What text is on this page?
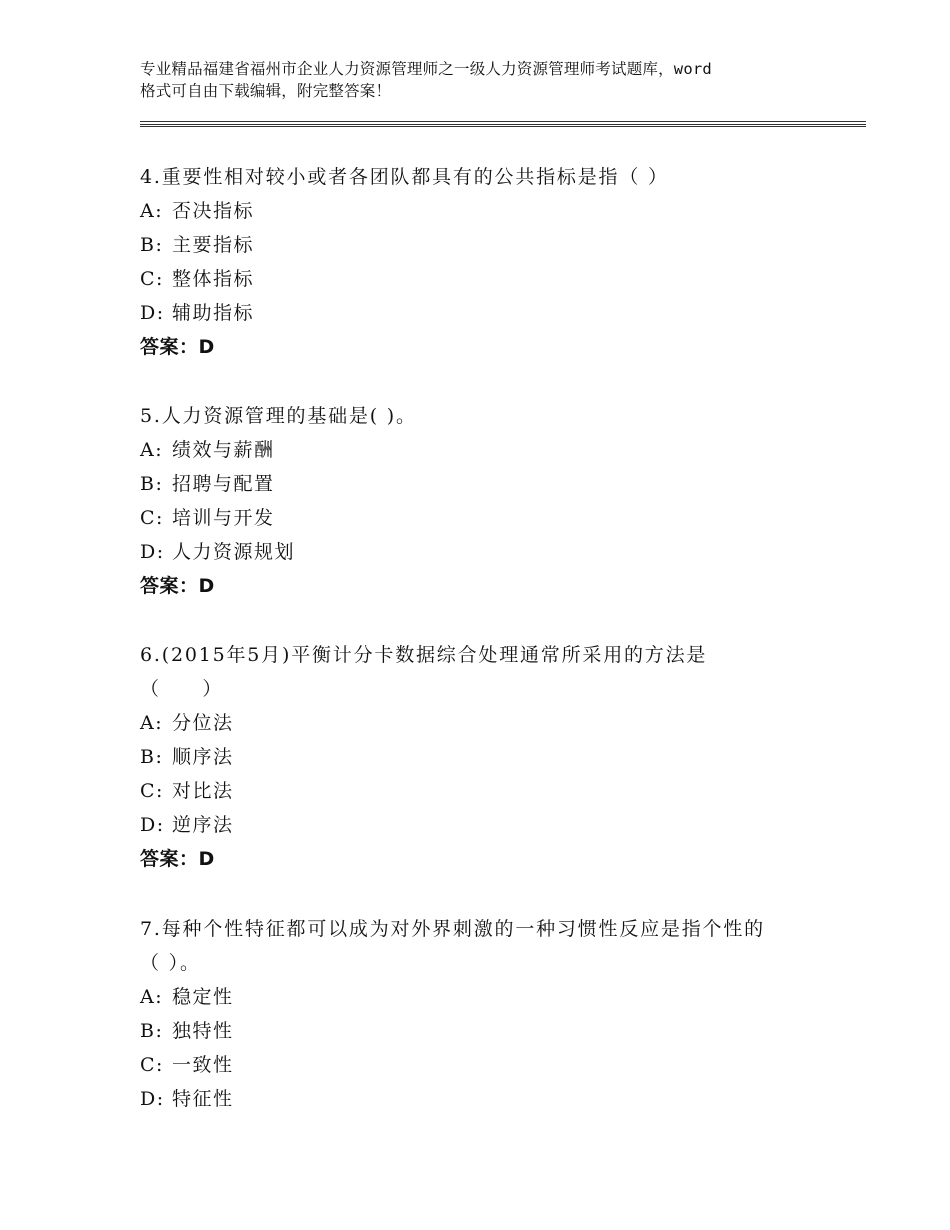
专业精品福建省福州市企业人力资源管理师之一级人力资源管理师考试题库，word
格式可自由下载编辑，附完整答案！
4.重要性相对较小或者各团队都具有的公共指标是指（ ）
A: 否决指标
B: 主要指标
C: 整体指标
D: 辅助指标
答案：D
5.人力资源管理的基础是( )。
A: 绩效与薪酬
B: 招聘与配置
C: 培训与开发
D: 人力资源规划
答案：D
6.(2015年5月)平衡计分卡数据综合处理通常所采用的方法是
（　　）
A: 分位法
B: 顺序法
C: 对比法
D: 逆序法
答案：D
7.每种个性特征都可以成为对外界刺激的一种习惯性反应是指个性的
（ ）。
A: 稳定性
B: 独特性
C: 一致性
D: 特征性
